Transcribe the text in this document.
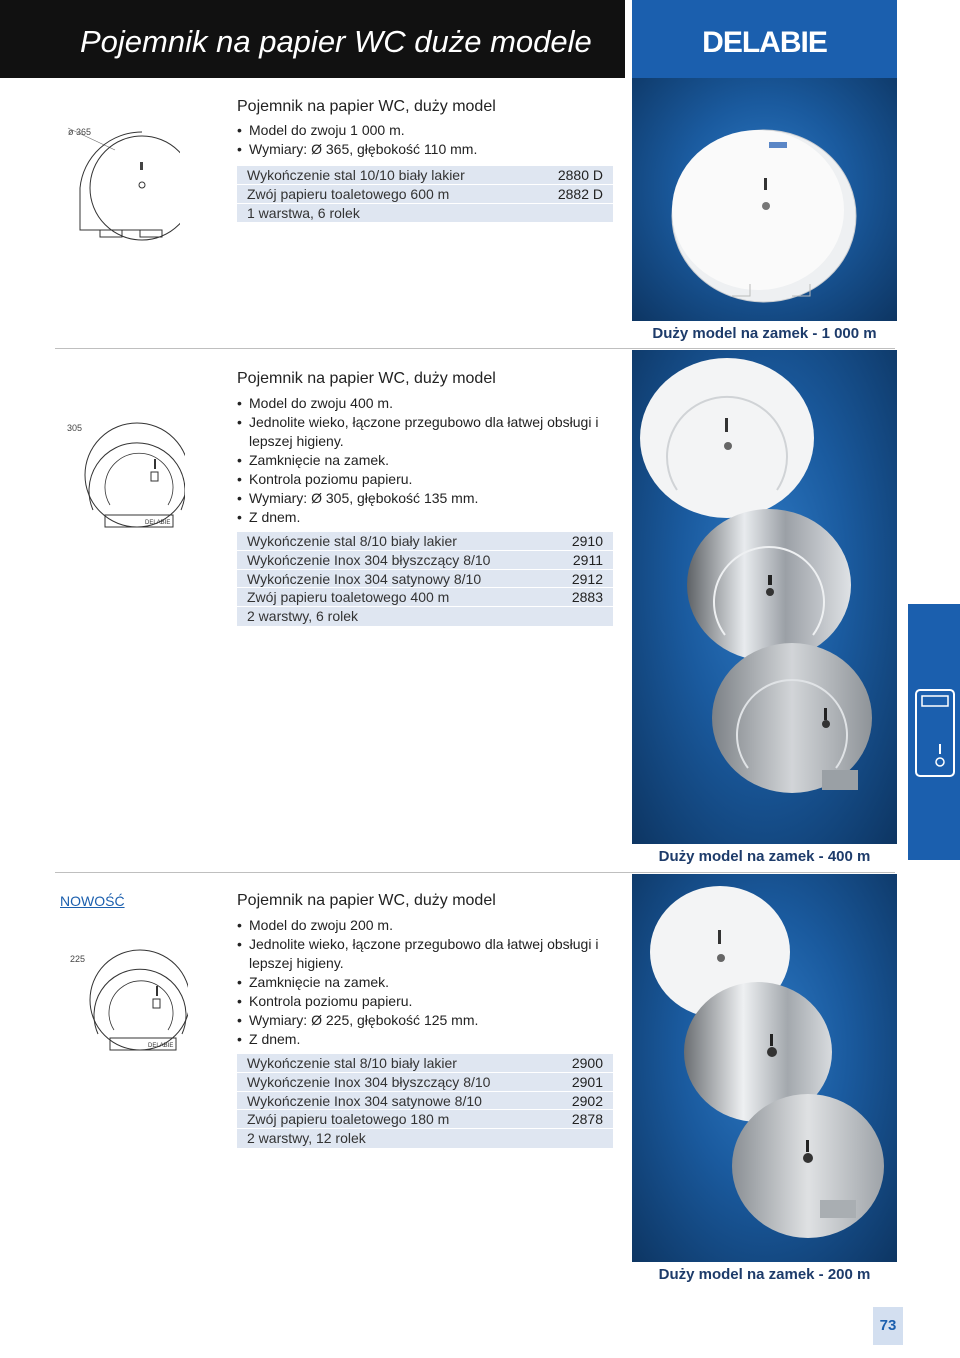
Pojemnik na papier WC duże modele	DELABIE
ø 365
Pojemnik na papier WC, duży model
• Model do zwoju 1 000 m.
• Wymiary: Ø 365, głębokość 110 mm.
Wykończenie stal 10/10 biały lakier	2880 D
Zwój papieru toaletowego 600 m	2882 D
1 warstwa, 6 rolek
Duży model na zamek - 1 000 m
305
DELABIE
Pojemnik na papier WC, duży model
• Model do zwoju 400 m.
• Jednolite wieko, łączone przegubowo dla łatwej obsługi i lepszej higieny.
• Zamknięcie na zamek.
• Kontrola poziomu papieru.
• Wymiary: Ø 305, głębokość 135 mm.
• Z dnem.
Wykończenie stal 8/10 biały lakier	2910
Wykończenie Inox 304 błyszczący 8/10	2911
Wykończenie Inox 304 satynowy 8/10	2912
Zwój papieru toaletowego 400 m	2883
2 warstwy, 6 rolek
Duży model na zamek - 400 m
NOWOŚĆ
225
DELABIE
Pojemnik na papier WC, duży model
• Model do zwoju 200 m.
• Jednolite wieko, łączone przegubowo dla łatwej obsługi i lepszej higieny.
• Zamknięcie na zamek.
• Kontrola poziomu papieru.
• Wymiary: Ø 225, głębokość 125 mm.
• Z dnem.
Wykończenie stal 8/10 biały lakier	2900
Wykończenie Inox 304 błyszczący 8/10	2901
Wykończenie Inox 304 satynowe 8/10	2902
Zwój papieru toaletowego 180 m	2878
2 warstwy, 12 rolek
Duży model na zamek - 200 m
73
